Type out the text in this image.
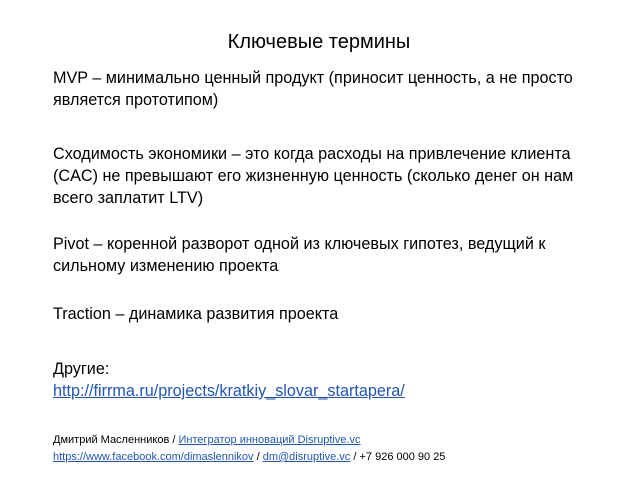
Ключевые термины

MVP – минимально ценный продукт (приносит ценность, а не просто является прототипом)

Сходимость экономики – это когда расходы на привлечение клиента (CAC) не превышают его жизненную ценность (сколько денег он нам всего заплатит LTV)

Pivot – коренной разворот одной из ключевых гипотез, ведущий к сильному изменению проекта

Traction – динамика развития проекта

Другие:
http://firrma.ru/projects/kratkiy_slovar_startapera/
Дмитрий Масленников / Интегратор инноваций Disruptive.vc
https://www.facebook.com/dimaslennikov / dm@disruptive.vc / +7 926 000 90 25
